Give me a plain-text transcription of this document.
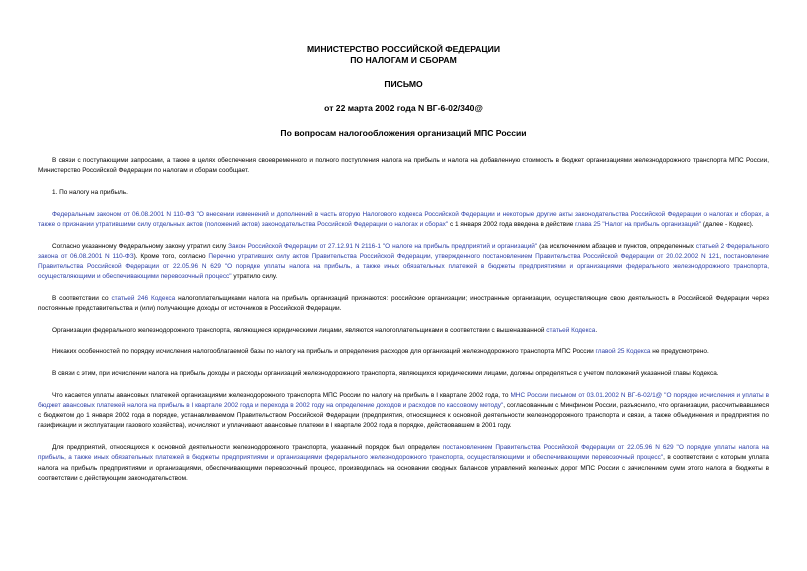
МИНИСТЕРСТВО РОССИЙСКОЙ ФЕДЕРАЦИИ

ПО НАЛОГАМ И СБОРАМ

ПИСЬМО

от 22 марта 2002 года N ВГ-6-02/340@

По вопросам налогообложения организаций МПС России

В связи с поступающими запросами, а также в целях обеспечения своевременного и полного поступления налога на прибыль и налога на добавленную стоимость в бюджет организациями железнодорожного транспорта МПС России, Министерство Российской Федерации по налогам и сборам сообщает.

1. По налогу на прибыль.

Федеральным законом от 06.08.2001 N 110-ФЗ "О внесении изменений и дополнений в часть вторую Налогового кодекса Российской Федерации и некоторые другие акты законодательства Российской Федерации о налогах и сборах, а также о признании утратившими силу отдельных актов (положений актов) законодательства Российской Федерации о налогах и сборах" с 1 января 2002 года введена в действие глава 25 "Налог на прибыль организаций" (далее - Кодекс).

Согласно указанному Федеральному закону утратил силу Закон Российской Федерации от 27.12.91 N 2116-1 "О налоге на прибыль предприятий и организаций" (за исключением абзацев и пунктов, определенных статьей 2 Федерального закона от 06.08.2001 N 110-ФЗ). Кроме того, согласно Перечню утративших силу актов Правительства Российской Федерации, утвержденного постановлением Правительства Российской Федерации от 20.02.2002 N 121, постановление Правительства Российской Федерации от 22.05.96 N 629 "О порядке уплаты налога на прибыль, а также иных обязательных платежей в бюджеты предприятиями и организациями федерального железнодорожного транспорта, осуществляющими и обеспечивающими перевозочный процесс" утратило силу.

В соответствии со статьей 246 Кодекса налогоплательщиками налога на прибыль организаций признаются: российские организации; иностранные организации, осуществляющие свою деятельность в Российской Федерации через постоянные представительства и (или) получающие доходы от источников в Российской Федерации.

Организации федерального железнодорожного транспорта, являющиеся юридическими лицами, являются налогоплательщиками в соответствии с вышеназванной статьей Кодекса.

Никаких особенностей по порядку исчисления налогооблагаемой базы по налогу на прибыль и определения расходов для организаций железнодорожного транспорта МПС России главой 25 Кодекса не предусмотрено.

В связи с этим, при исчислении налога на прибыль доходы и расходы организаций железнодорожного транспорта, являющихся юридическими лицами, должны определяться с учетом положений указанной главы Кодекса.

Что касается уплаты авансовых платежей организациями железнодорожного транспорта МПС России по налогу на прибыль в I квартале 2002 года, то МНС России письмом от 03.01.2002 N ВГ-6-02/1@ "О порядке исчисления и уплаты в бюджет авансовых платежей налога на прибыль в I квартале 2002 года и перехода в 2002 году на определение доходов и расходов по кассовому методу", согласованным с Минфином России, разъяснило, что организации, рассчитывавшиеся с бюджетом до 1 января 2002 года в порядке, устанавливаемом Правительством Российской Федерации (предприятия, относящиеся к основной деятельности железнодорожного транспорта и связи, а также объединения и предприятия по газификации и эксплуатации газового хозяйства), исчисляют и уплачивают авансовые платежи в I квартале 2002 года в порядке, действовавшем в 2001 году.

Для предприятий, относящихся к основной деятельности железнодорожного транспорта, указанный порядок был определен постановлением Правительства Российской Федерации от 22.05.96 N 629 "О порядке уплаты налога на прибыль, а также иных обязательных платежей в бюджеты предприятиями и организациями федерального железнодорожного транспорта, осуществляющими и обеспечивающими перевозочный процесс", в соответствии с которым уплата налога на прибыль предприятиями и организациями, обеспечивающими перевозочный процесс, производилась на основании сводных балансов управлений железных дорог МПС России с зачислением сумм этого налога в бюджеты в соответствии с действующим законодательством.
